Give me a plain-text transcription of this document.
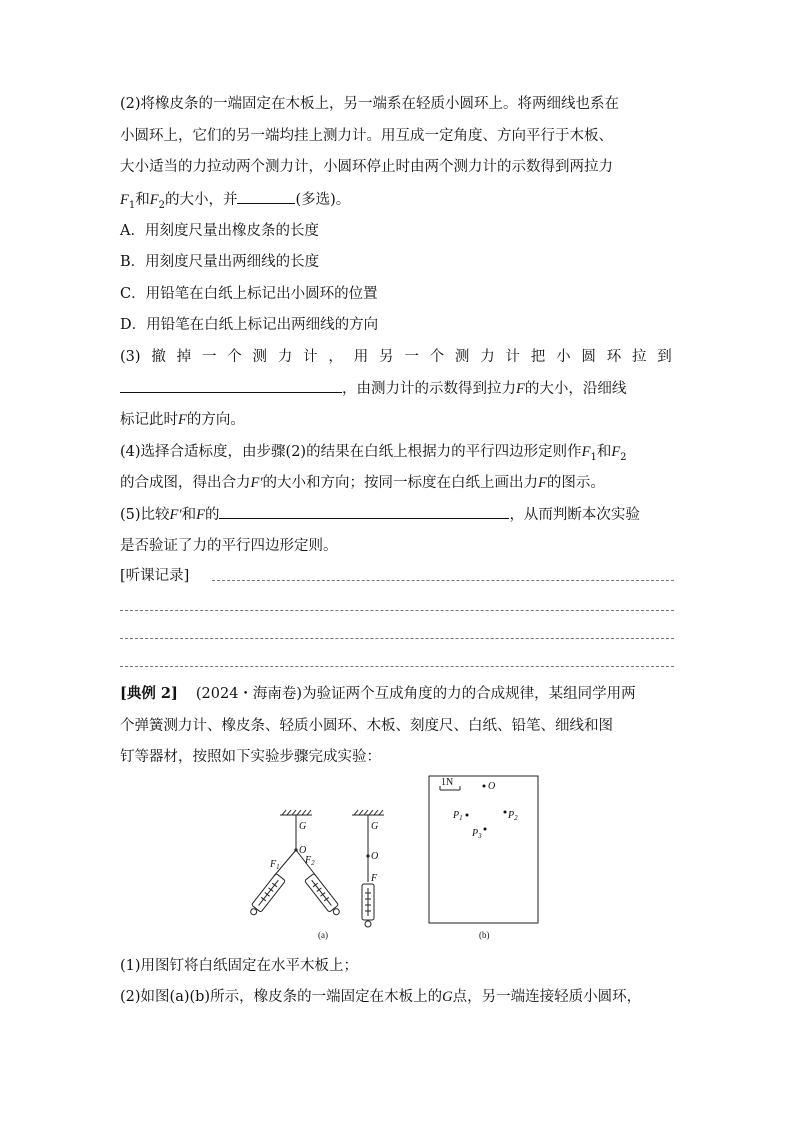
(2)将橡皮条的一端固定在木板上，另一端系在轻质小圆环上。将两细线也系在
小圆环上，它们的另一端均挂上测力计。用互成一定角度、方向平行于木板、
大小适当的力拉动两个测力计，小圆环停止时由两个测力计的示数得到两拉力
$F_1$和$F_2$的大小，并	(多选)。
A．用刻度尺量出橡皮条的长度
B．用刻度尺量出两细线的长度
C．用铅笔在白纸上标记出小圆环的位置
D．用铅笔在白纸上标记出两细线的方向
(3) 撤 掉 一 个 测 力 计 ， 用 另 一 个 测 力 计 把 小 圆 环 拉 到
，由测力计的示数得到拉力F的大小，沿细线
标记此时F的方向。
(4)选择合适标度，由步骤(2)的结果在白纸上根据力的平行四边形定则作$F_1$和$F_2$
的合成图，得出合力F′的大小和方向；按同一标度在白纸上画出力F的图示。
(5)比较F′和F的	，从而判断本次实验
是否验证了力的平行四边形定则。
[听课记录]
[典例 2] (2024・海南卷)为验证两个互成角度的力的合成规律，某组同学用两
个弹簧测力计、橡皮条、轻质小圆环、木板、刻度尺、白纸、铅笔、细线和图
钉等器材，按照如下实验步骤完成实验：
G
O
$F_1$
$F_2$
G
O
F
(a)
1N	O
$P_1$	$P_2$
$P_3$
(b)
(1)用图钉将白纸固定在水平木板上；
(2)如图(a)(b)所示，橡皮条的一端固定在木板上的G点，另一端连接轻质小圆环，
